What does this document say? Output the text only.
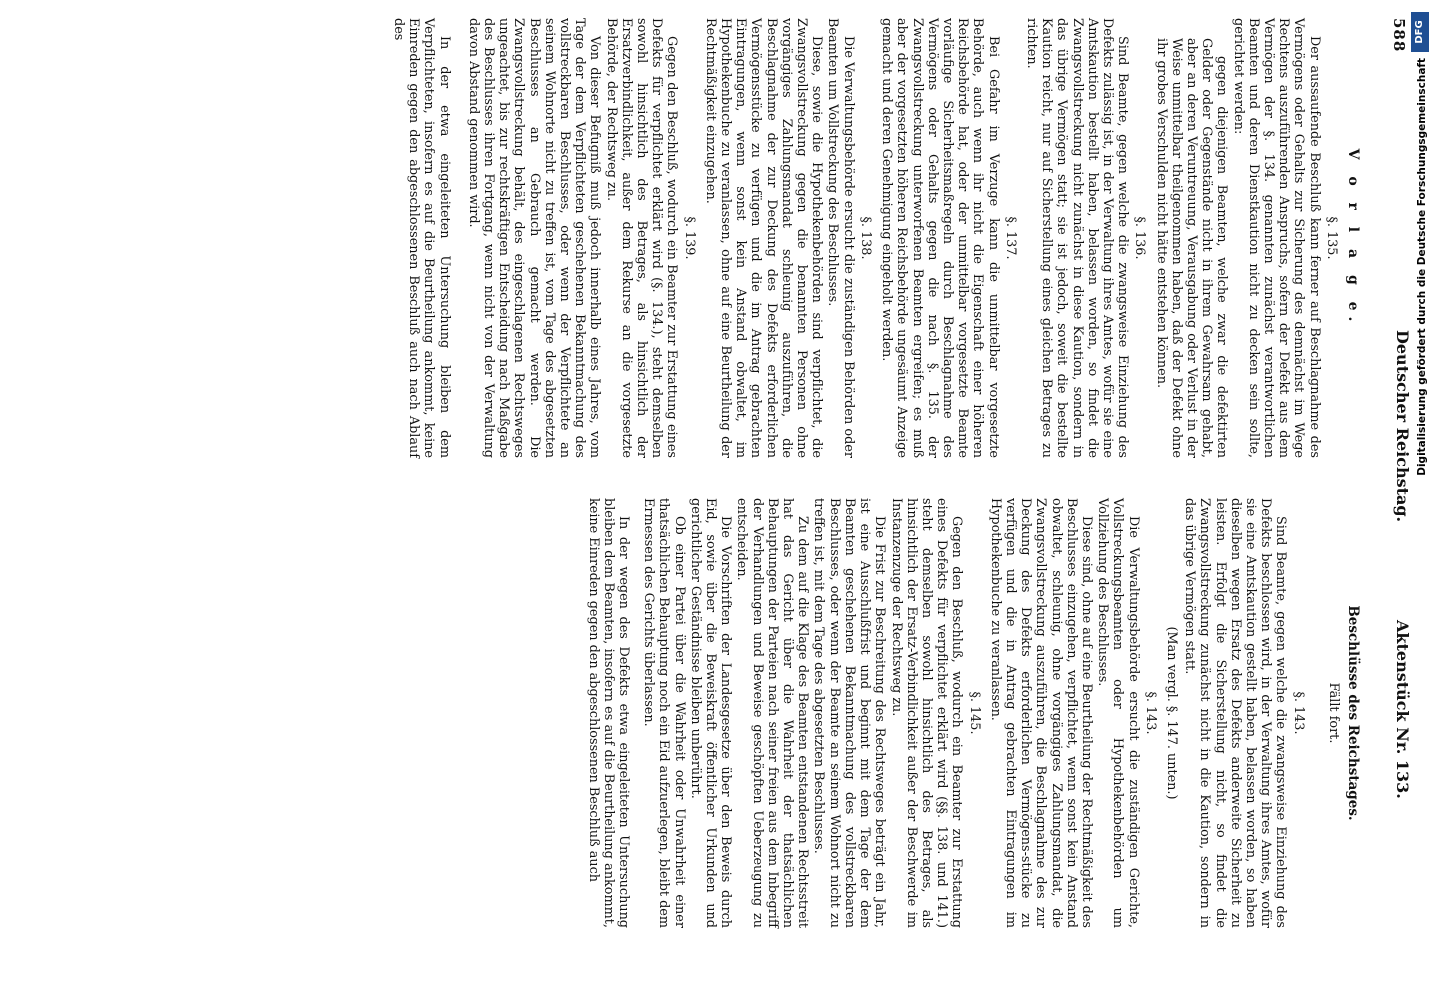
588
Deutscher Reichstag.
Aktenstück Nr. 133.
V o r l a g e.
§. 135.

Der aussaufende Beschluß kann ferner auf Beschlagnahme des Vermögens oder Gehalts zur Sicherung des demnächst im Wege Rechtens auszuführenden Anspruchs, sofern der Defekt aus dem Vermögen der §. 134. genannten zunächst verantwortlichen Beamten und deren Dienstkaution nicht zu decken sein sollte, gerichtet werden:

gegen diejenigen Beamten, welche zwar die defektirten Gelder oder Gegenstände nicht in ihrem Gewahrsam gehabt, aber an deren Veruntreuung, Verausgabung oder Verlust in der Weise unmittelbar theilgenommen haben, daß der Defekt ohne ihr grobes Verschulden nicht hätte entstehen können.
§. 136.

Sind Beamte, gegen welche die zwangsweise Einziehung des Defekts zulässig ist, in der Verwaltung ihres Amtes, wofür sie eine Amtskaution bestellt haben, belassen worden, so findet die Zwangsvollstreckung nicht zunächst in diese Kaution, sondern in das übrige Vermögen statt; sie ist jedoch, soweit die bestellte Kaution reicht, nur auf Sicherstellung eines gleichen Betrages zu richten.

§. 137.

Bei Gefahr im Verzuge kann die unmittelbar vorgesetzte Behörde, auch wenn ihr nicht die Eigenschaft einer höheren Reichsbehörde hat, oder der unmittelbar vorgesetzte Beamte vorläufige Sicherheitsmaßregeln durch Beschlagnahme des Vermögens oder Gehalts gegen die nach §. 135. der Zwangsvollstreckung unterworfenen Beamten ergreifen; es muß aber der vorgesetzten höheren Reichsbehörde ungesäumt Anzeige gemacht und deren Genehmigung eingeholt werden.

§. 138.

Die Verwaltungsbehörde ersucht die zuständigen Behörden oder Beamten um Vollstreckung des Beschlusses.

Diese, sowie die Hypothekenbehörden sind verpflichtet, die Zwangsvollstreckung gegen die benannten Personen ohne vorgängiges Zahlungsmandat schleunig auszuführen, die Beschlagnahme der zur Deckung des Defekts erforderlichen Vermögensstücke zu verfügen und die im Antrag gebrachten Eintragungen, wenn sonst kein Anstand obwaltet, im Hypothekenbuche zu veranlassen, ohne auf eine Beurtheilung der Rechtmäßigkeit einzugehen.

§. 139.

Gegen den Beschluß, wodurch ein Beamter zur Erstattung eines Defekts für verpflichtet erklärt wird (§. 134.), steht demselben sowohl hinsichtlich des Betrages, als hinsichtlich der Ersatzverbindlichkeit, außer dem Rekurse an die vorgesetzte Behörde, der Rechtsweg zu.

Von dieser Befugniß muß jedoch innerhalb eines Jahres, vom Tage der dem Verpflichteten geschehenen Bekanntmachung des vollstreckbaren Beschlusses, oder wenn der Verpflichtete an seinem Wohnorte nicht zu treffen ist, vom Tage des abgesetzten Beschlusses an Gebrauch gemacht werden. Die Zwangsvollstreckung behält, des eingeschlagenen Rechtsweges ungeachtet, bis zur rechtskräftigen Entscheidung nach Maßgabe des Beschlusses ihren Fortgang, wenn nicht von der Verwaltung davon Abstand genommen wird.

In der etwa eingeleiteten Untersuchung bleiben dem Verpflichteten, insofern es auf die Beurtheilung ankommt, keine Einreden gegen den abgeschlossenen Beschluß auch nach Ablauf des

Beschlüsse des Reichstages.

Fällt fort.

§. 143.

Sind Beamte, gegen welche die zwangsweise Einziehung des Defekts beschlossen wird, in der Verwaltung ihres Amtes, wofür sie eine Amtskaution gestellt haben, belassen worden, so haben dieselben wegen Ersatz des Defekts anderweite Sicherheit zu leisten. Erfolgt die Sicherstellung nicht, so findet die Zwangsvollstreckung zunächst nicht in die Kaution, sondern in das übrige Vermögen statt.

(Man vergl. §. 147. unten.)

§. 143.

Die Verwaltungsbehörde ersucht die zuständigen Gerichte, Vollstreckungsbeamten oder Hypothekenbehörden um Vollziehung des Beschlusses.

Diese sind, ohne auf eine Beurtheilung der Rechtmäßigkeit des Beschlusses einzugehen, verpflichtet, wenn sonst kein Anstand obwaltet, schleunig, ohne vorgängiges Zahlungsmandat, die Zwangsvollstreckung auszuführen, die Beschlagnahme des zur Deckung des Defekts erforderlichen Vermögens-stücke zu verfügen und die in Antrag gebrachten Eintragungen im Hypothekenbuche zu veranlassen.

§. 145.

Gegen den Beschluß, wodurch ein Beamter zur Erstattung eines Defekts für verpflichtet erklärt wird (§§. 138. und 141.) steht demselben sowohl hinsichtlich des Betrages, als hinsichtlich der Ersatz-Verbindlichkeit außer der Beschwerde im Instanzenzuge der Rechtsweg zu.

Die Frist zur Beschreitung des Rechtsweges beträgt ein Jahr, ist eine Ausschlußfrist und beginnt mit dem Tage der dem Beamten geschehenen Bekanntmachung des vollstreckbaren Beschlusses, oder wenn der Beamte an seinem Wohnort nicht zu treffen ist, mit dem Tage des abgesetzten Beschlusses.

Zu dem auf die Klage des Beamten entstandenen Rechtsstreit hat das Gericht über die Wahrheit der thatsächlichen Behauptungen der Parteien nach seiner freien aus dem Inbegriff der Verhandlungen und Beweise geschöpften Ueberzeugung zu entscheiden.

Die Vorschriften der Landesgesetze über den Beweis durch Eid, sowie über die Beweiskraft öffentlicher Urkunden und gerichtlicher Geständnisse bleiben unberührt.

Ob einer Partei über die Wahrheit oder Unwahrheit einer thatsächlichen Behauptung noch ein Eid aufzuerlegen, bleibt dem Ermessen des Gerichts überlassen.

In der wegen des Defekts etwa eingeleiteten Untersuchung bleiben dem Beamten, insofern es auf die Beurtheilung ankommt, keine Einreden gegen den abgeschlossenen Beschluß auch

Digitalisierung gefördert durch die Deutsche Forschungsgemeinschaft
DFG
